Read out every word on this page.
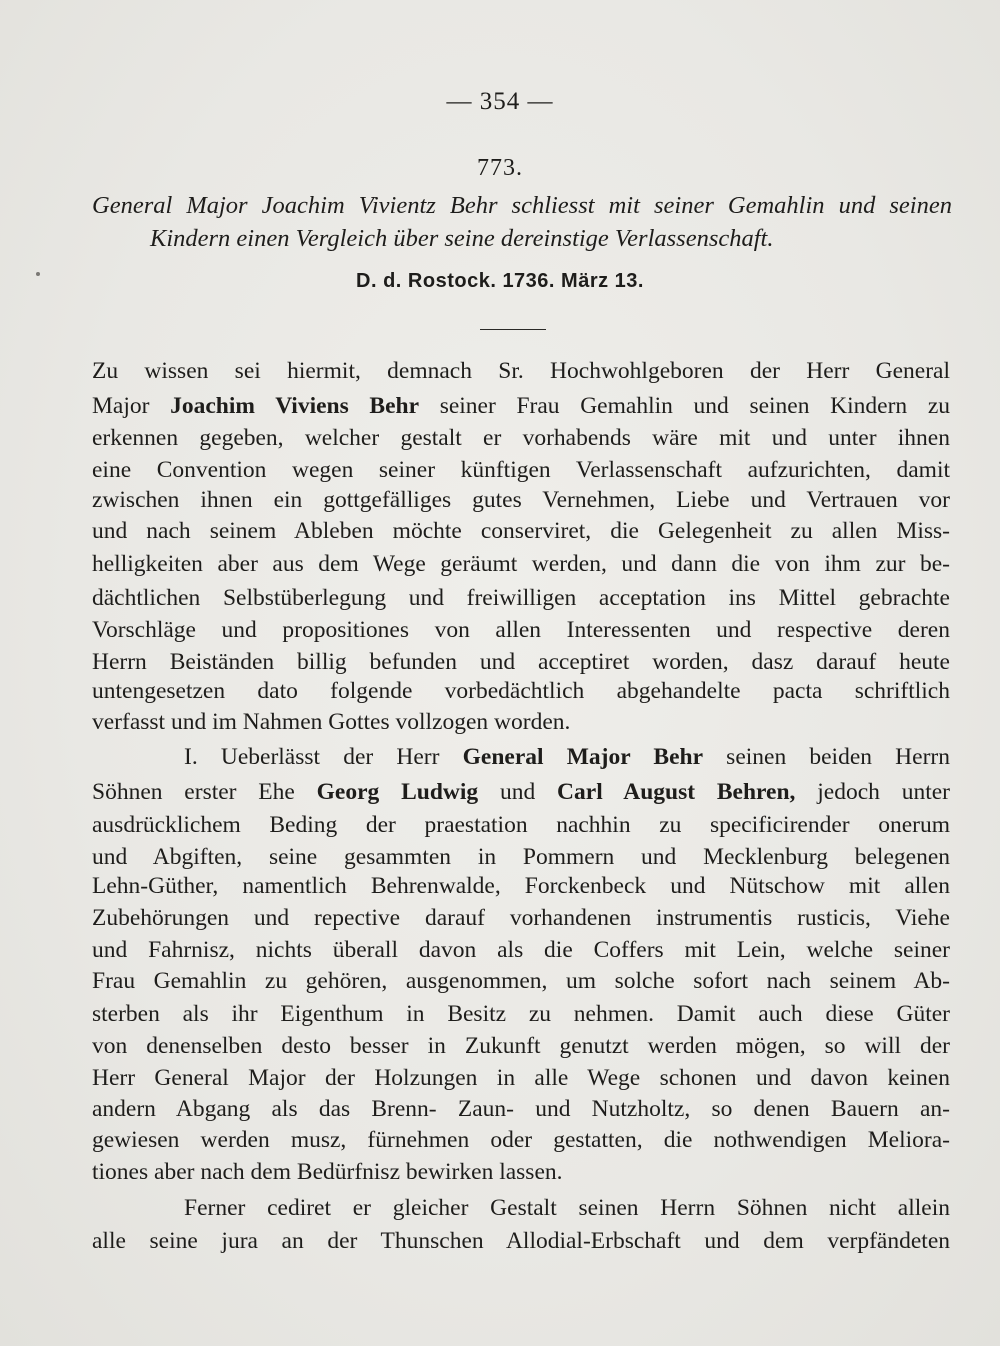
— 354 —
773.
General Major Joachim Vivientz Behr schliesst mit seiner Gemahlin und seinen
Kindern einen Vergleich über seine dereinstige Verlassenschaft.
D. d. Rostock. 1736. März 13.
Zu wissen sei hiermit, demnach Sr. Hochwohlgeboren der Herr General
Major Joachim Viviens Behr seiner Frau Gemahlin und seinen Kindern zu
erkennen gegeben, welcher gestalt er vorhabends wäre mit und unter ihnen
eine Convention wegen seiner künftigen Verlassenschaft aufzurichten, damit
zwischen ihnen ein gottgefälliges gutes Vernehmen, Liebe und Vertrauen vor
und nach seinem Ableben möchte conserviret, die Gelegenheit zu allen Miss-
helligkeiten aber aus dem Wege geräumt werden, und dann die von ihm zur be-
dächtlichen Selbstüberlegung und freiwilligen acceptation ins Mittel gebrachte
Vorschläge und propositiones von allen Interessenten und respective deren
Herrn Beiständen billig befunden und acceptiret worden, dasz darauf heute
untengesetzen dato folgende vorbedächtlich abgehandelte pacta schriftlich
verfasst und im Nahmen Gottes vollzogen worden.
I. Ueberlässt der Herr General Major Behr seinen beiden Herrn
Söhnen erster Ehe Georg Ludwig und Carl August Behren, jedoch unter
ausdrücklichem Beding der praestation nachhin zu specificirender onerum
und Abgiften, seine gesammten in Pommern und Mecklenburg belegenen
Lehn-Güther, namentlich Behrenwalde, Forckenbeck und Nütschow mit allen
Zubehörungen und repective darauf vorhandenen instrumentis rusticis, Viehe
und Fahrnisz, nichts überall davon als die Coffers mit Lein, welche seiner
Frau Gemahlin zu gehören, ausgenommen, um solche sofort nach seinem Ab-
sterben als ihr Eigenthum in Besitz zu nehmen. Damit auch diese Güter
von denenselben desto besser in Zukunft genutzt werden mögen, so will der
Herr General Major der Holzungen in alle Wege schonen und davon keinen
andern Abgang als das Brenn- Zaun- und Nutzholtz, so denen Bauern an-
gewiesen werden musz, fürnehmen oder gestatten, die nothwendigen Meliora-
tiones aber nach dem Bedürfnisz bewirken lassen.
Ferner cediret er gleicher Gestalt seinen Herrn Söhnen nicht allein
alle seine jura an der Thunschen Allodial-Erbschaft und dem verpfändeten
